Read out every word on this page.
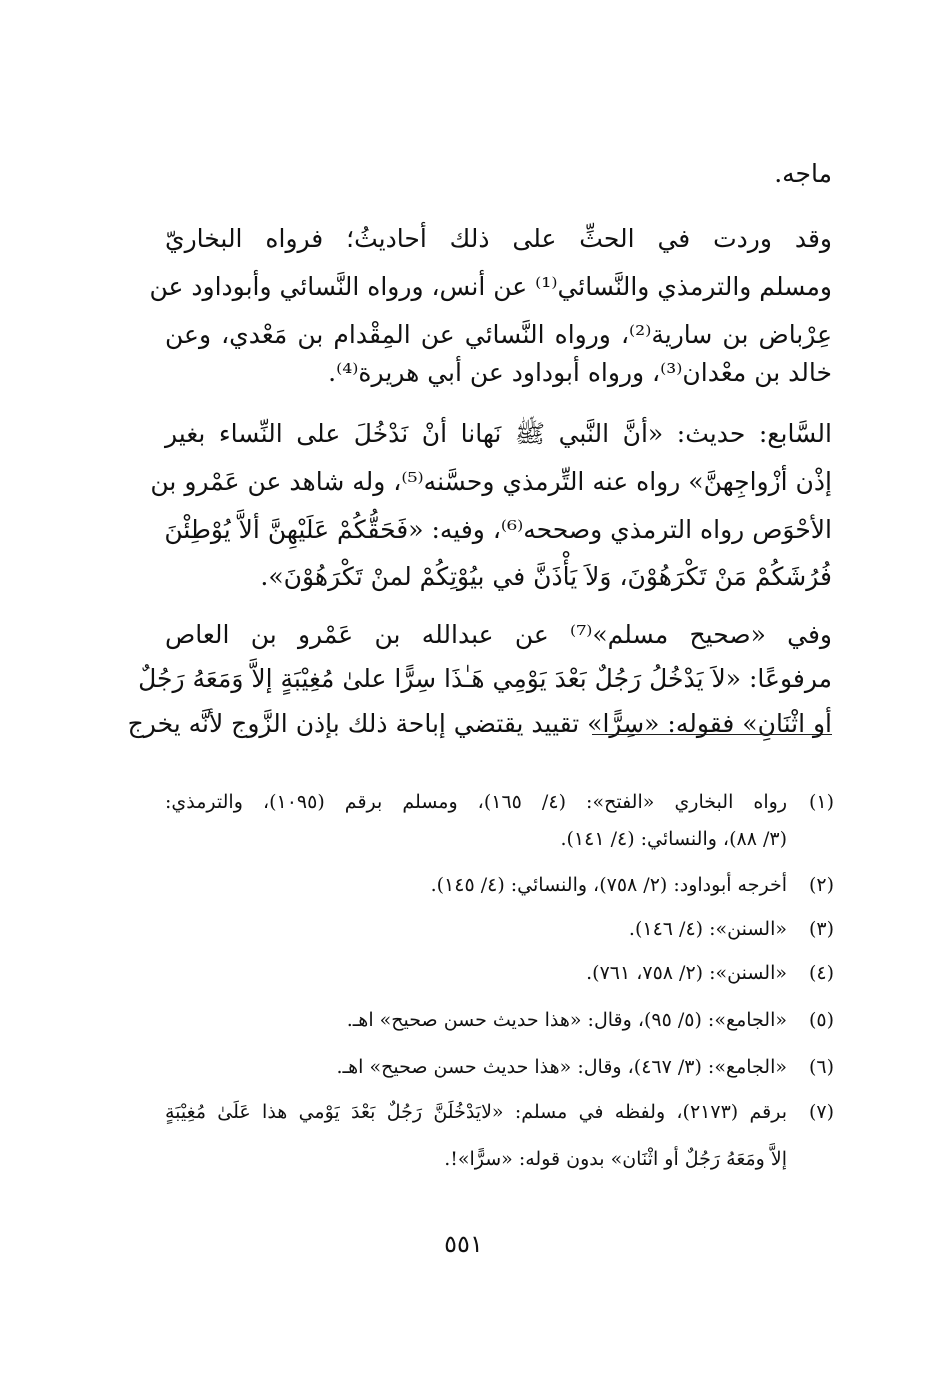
ماجه.
وقد وردت في الحثِّ على ذلك أحاديثُ؛ فرواه البخاريّ
ومسلم والترمذي والنَّسائي⁽¹⁾ عن أنس، ورواه النَّسائي وأبوداود عن
عِرْباض بن سارية⁽²⁾، ورواه النَّسائي عن المِقْدام بن مَعْدي، وعن
خالد بن معْدان⁽³⁾، ورواه أبوداود عن أبي هريرة⁽⁴⁾.
السَّابع: حديث: «أنَّ النَّبي ﷺ نَهانا أنْ نَدْخُلَ على النِّساء بغير
إذْن أزْواجِهنَّ» رواه عنه التِّرمذي وحسَّنه⁽⁵⁾، وله شاهد عن عَمْرو بن
الأحْوَص رواه الترمذي وصححه⁽⁶⁾، وفيه: «فَحَقُّكُمْ عَلَيْهِنَّ ألاَّ يُوْطِئْنَ
فُرُشَكُمْ مَنْ تَكْرَهُوْنَ، وَلاَ يَأْذَنَّ في بيُوْتِكُمْ لمنْ تَكْرَهُوْنَ».
وفي «صحيح مسلم»⁽⁷⁾ عن عبدالله بن عَمْرو بن العاص
مرفوعًا: «لاَ يَدْخُلُ رَجُلٌ بَعْدَ يَوْمِي هَـٰذَا سِرًّا علىٰ مُغِيْبَةٍ إلاَّ وَمَعَهُ رَجُلٌ
أو اثْنَانِ» فقوله: «سِرًّا» تقييد يقتضي إباحة ذلك بإذن الزَّوج لأنَّه يخرج
(١)
رواه البخاري «الفتح»: (٤/ ١٦٥)، ومسلم برقم (١٠٩٥)، والترمذي:
(٣/ ٨٨)، والنسائي: (٤/ ١٤١).
(٢)
أخرجه أبوداود: (٢/ ٧٥٨)، والنسائي: (٤/ ١٤٥).
(٣)
«السنن»: (٤/ ١٤٦).
(٤)
«السنن»: (٢/ ٧٥٨، ٧٦١).
(٥)
«الجامع»: (٥/ ٩٥)، وقال: «هذا حديث حسن صحيح» اهـ.
(٦)
«الجامع»: (٣/ ٤٦٧)، وقال: «هذا حديث حسن صحيح» اهـ.
(٧)
برقم (٢١٧٣)، ولفظه في مسلم: «لايَدْخُلَنَّ رَجُلٌ بَعْدَ يَوْمي هذا عَلَىٰ مُغِيْبَةٍ
إلاَّ ومَعَهُ رَجُلٌ أو اثْنَان» بدون قوله: «سرًّا»!.
٥٥١
